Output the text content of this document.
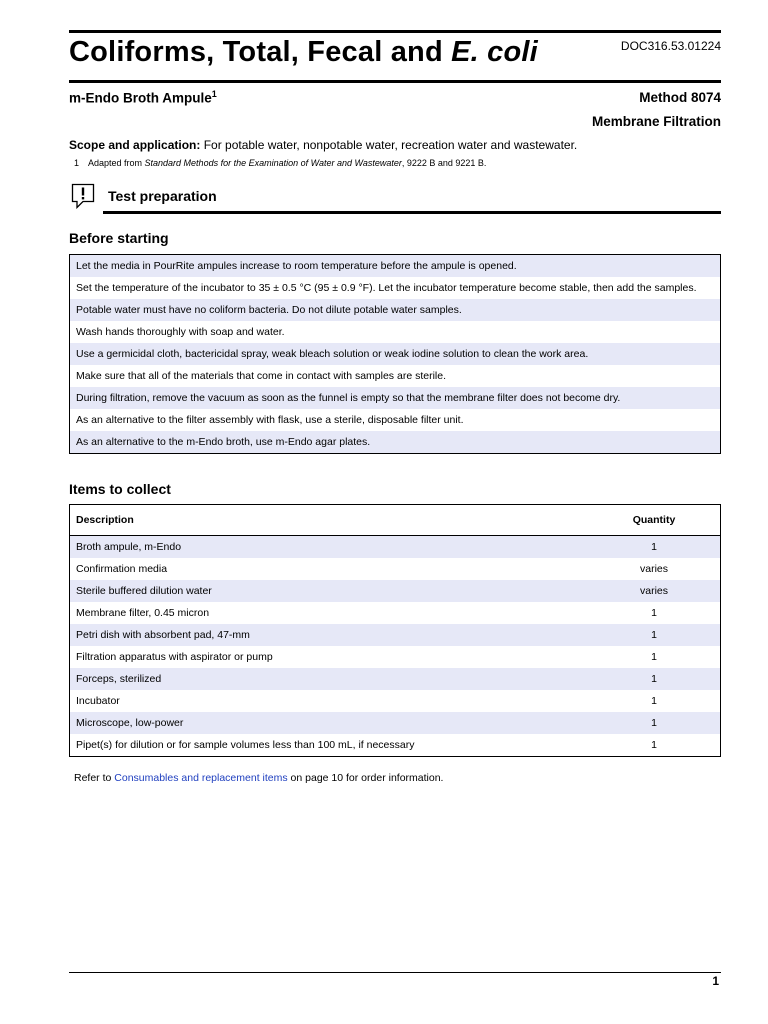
Coliforms, Total, Fecal and E. coli	DOC316.53.01224
m-Endo Broth Ampule$^1$	Method 8074
Membrane Filtration
Scope and application: For potable water, nonpotable water, recreation water and wastewater.
1 Adapted from Standard Methods for the Examination of Water and Wastewater, 9222 B and 9221 B.
Test preparation
Before starting
Let the media in PourRite ampules increase to room temperature before the ampule is opened.
Set the temperature of the incubator to 35 ± 0.5 °C (95 ± 0.9 °F). Let the incubator temperature become stable, then add the samples.
Potable water must have no coliform bacteria. Do not dilute potable water samples.
Wash hands thoroughly with soap and water.
Use a germicidal cloth, bactericidal spray, weak bleach solution or weak iodine solution to clean the work area.
Make sure that all of the materials that come in contact with samples are sterile.
During filtration, remove the vacuum as soon as the funnel is empty so that the membrane filter does not become dry.
As an alternative to the filter assembly with flask, use a sterile, disposable filter unit.
As an alternative to the m-Endo broth, use m-Endo agar plates.
Items to collect
Description	Quantity
Broth ampule, m-Endo	1
Confirmation media	varies
Sterile buffered dilution water	varies
Membrane filter, 0.45 micron	1
Petri dish with absorbent pad, 47-mm	1
Filtration apparatus with aspirator or pump	1
Forceps, sterilized	1
Incubator	1
Microscope, low-power	1
Pipet(s) for dilution or for sample volumes less than 100 mL, if necessary	1
Refer to Consumables and replacement items on page 10 for order information.
1
